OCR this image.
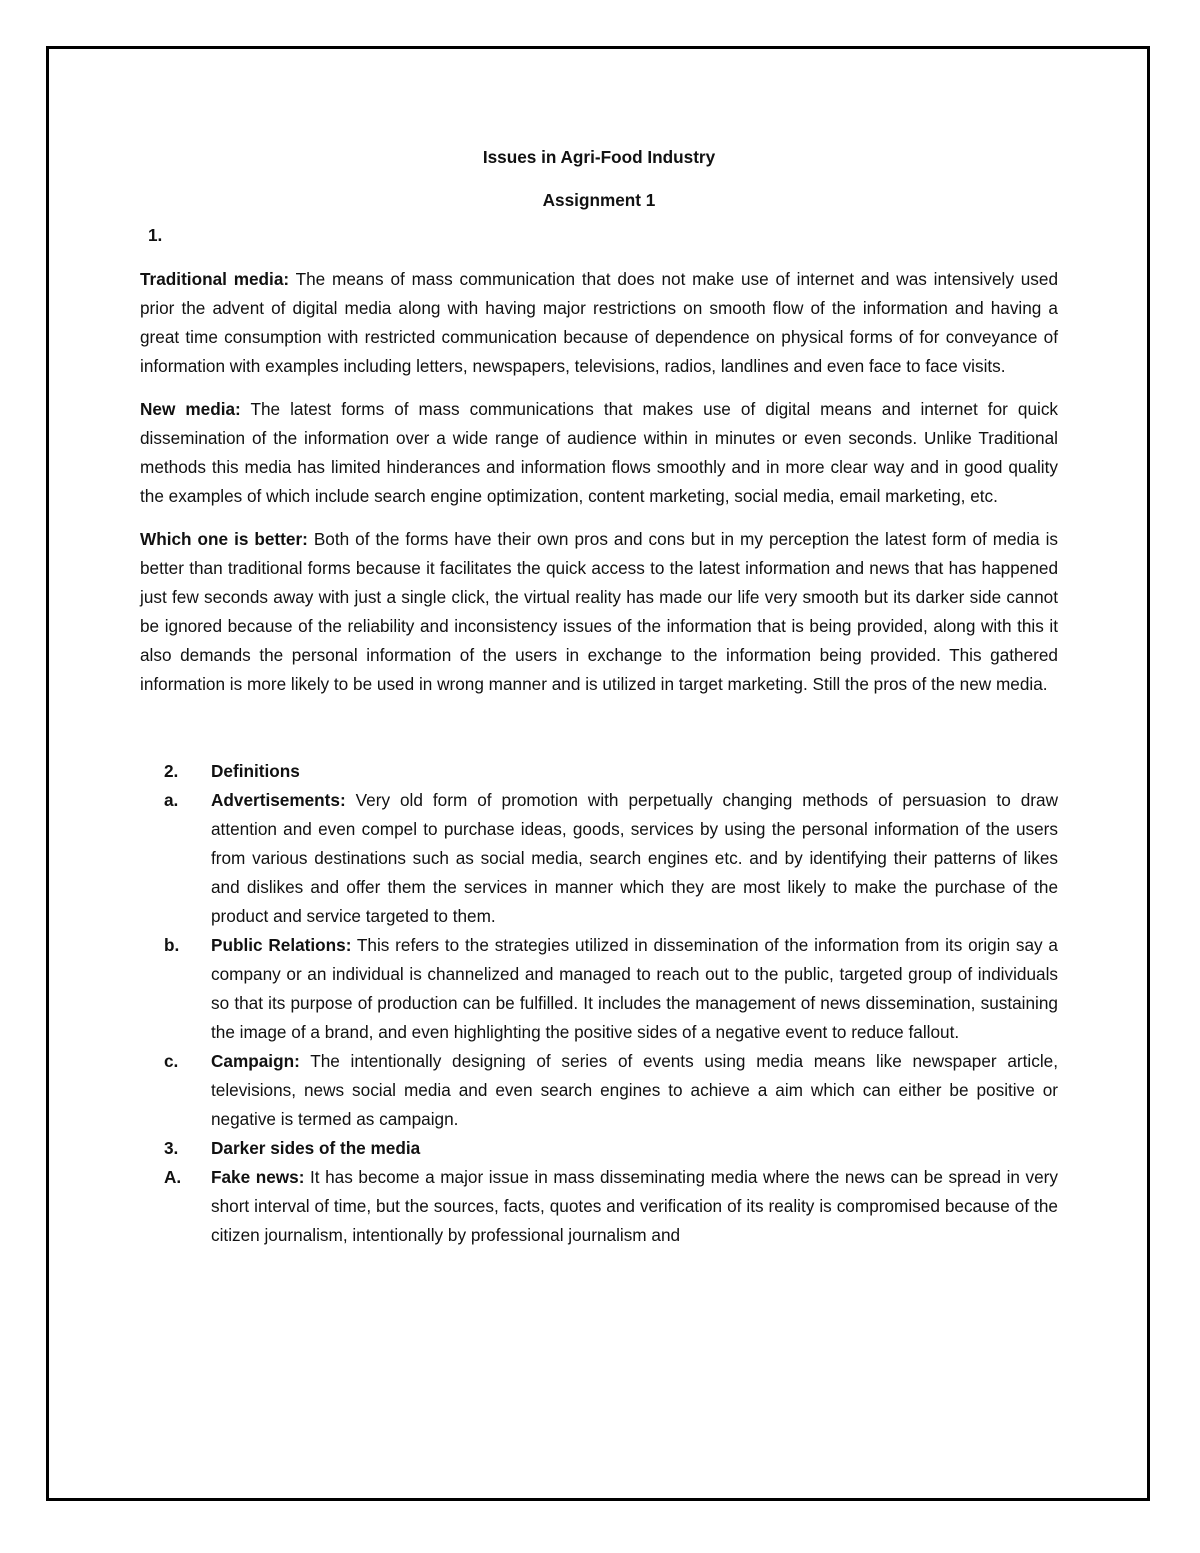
Issues in Agri-Food Industry

Assignment 1

1.

Traditional media: The means of mass communication that does not make use of internet and was intensively used prior the advent of digital media along with having major restrictions on smooth flow of the information and having a great time consumption with restricted communication because of dependence on physical forms of for conveyance of information with examples including letters, newspapers, televisions, radios, landlines and even face to face visits.

New media: The latest forms of mass communications that makes use of digital means and internet for quick dissemination of the information over a wide range of audience within in minutes or even seconds. Unlike Traditional methods this media has limited hinderances and information flows smoothly and in more clear way and in good quality the examples of which include search engine optimization, content marketing, social media, email marketing, etc.

Which one is better: Both of the forms have their own pros and cons but in my perception the latest form of media is better than traditional forms because it facilitates the quick access to the latest information and news that has happened just few seconds away with just a single click, the virtual reality has made our life very smooth but its darker side cannot be ignored because of the reliability and inconsistency issues of the information that is being provided, along with this it also demands the personal information of the users in exchange to the information being provided. This gathered information is more likely to be used in wrong manner and is utilized in target marketing. Still the pros of the new media.

2.	Definitions
a.	Advertisements: Very old form of promotion with perpetually changing methods of persuasion to draw attention and even compel to purchase ideas, goods, services by using the personal information of the users from various destinations such as social media, search engines etc. and by identifying their patterns of likes and dislikes and offer them the services in manner which they are most likely to make the purchase of the product and service targeted to them.
b.	Public Relations: This refers to the strategies utilized in dissemination of the information from its origin say a company or an individual is channelized and managed to reach out to the public, targeted group of individuals so that its purpose of production can be fulfilled. It includes the management of news dissemination, sustaining the image of a brand, and even highlighting the positive sides of a negative event to reduce fallout.
c.	Campaign: The intentionally designing of series of events using media means like newspaper article, televisions, news social media and even search engines to achieve a aim which can either be positive or negative is termed as campaign.
3.	Darker sides of the media
A.	Fake news: It has become a major issue in mass disseminating media where the news can be spread in very short interval of time, but the sources, facts, quotes and verification of its reality is compromised because of the citizen journalism, intentionally by professional journalism and
